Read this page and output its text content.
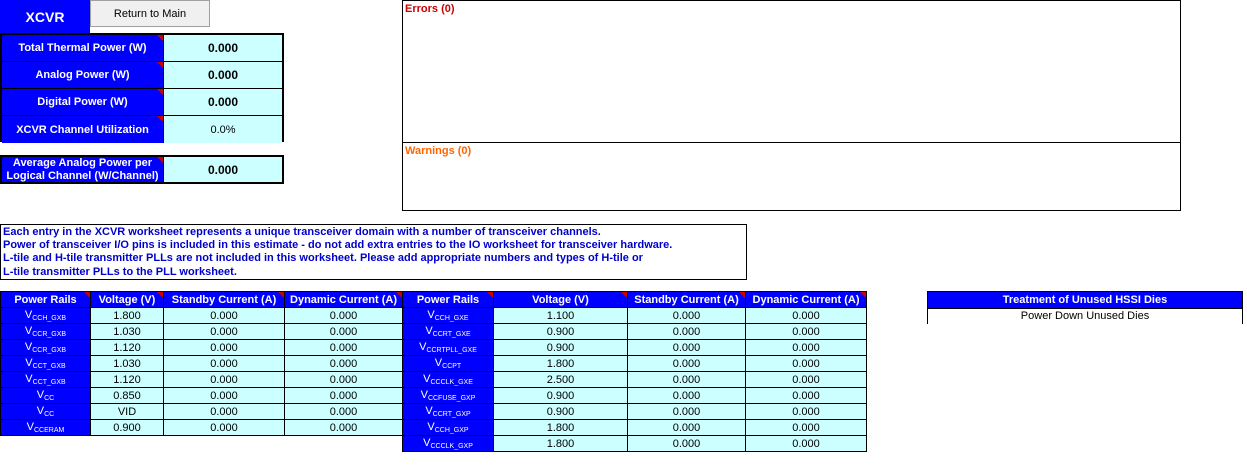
XCVR	Return to Main
Total Thermal Power (W)	0.000
Analog Power (W)	0.000
Digital Power (W)	0.000
XCVR Channel Utilization	0.0%
Average Analog Power per
Logical Channel (W/Channel)	0.000
Errors (0)
Warnings (0)
Each entry in the XCVR worksheet represents a unique transceiver domain with a number of transceiver channels.
Power of transceiver I/O pins is included in this estimate - do not add extra entries to the IO worksheet for transceiver hardware.
L-tile and H-tile transmitter PLLs are not included in this worksheet. Please add appropriate numbers and types of H-tile or
L-tile transmitter PLLs to the PLL worksheet.
Power Rails	Voltage (V)	Standby Current (A)	Dynamic Current (A)
$V_{CCH\_GXB}$	1.800	0.000	0.000
$V_{CCR\_GXB}$	1.030	0.000	0.000
$V_{CCR\_GXB}$	1.120	0.000	0.000
$V_{CCT\_GXB}$	1.030	0.000	0.000
$V_{CCT\_GXB}$	1.120	0.000	0.000
$V_{CC}$	0.850	0.000	0.000
$V_{CC}$	VID	0.000	0.000
$V_{CCERAM}$	0.900	0.000	0.000
Power Rails	Voltage (V)	Standby Current (A)	Dynamic Current (A)
$V_{CCH\_GXE}$	1.100	0.000	0.000
$V_{CCRT\_GXE}$	0.900	0.000	0.000
$V_{CCRTPLL\_GXE}$	0.900	0.000	0.000
$V_{CCPT}$	1.800	0.000	0.000
$V_{CCCLK\_GXE}$	2.500	0.000	0.000
$V_{CCFUSE\_GXP}$	0.900	0.000	0.000
$V_{CCRT\_GXP}$	0.900	0.000	0.000
$V_{CCH\_GXP}$	1.800	0.000	0.000
$V_{CCCLK\_GXP}$	1.800	0.000	0.000
Treatment of Unused HSSI Dies
Power Down Unused Dies
